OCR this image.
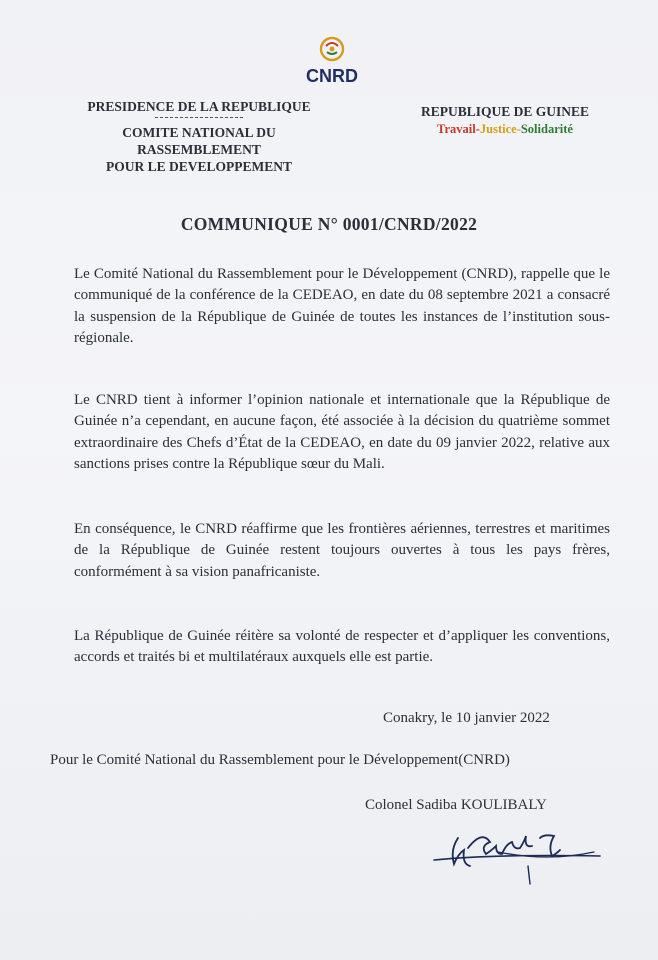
CNRD
PRESIDENCE DE LA REPUBLIQUE
COMITE NATIONAL DU
RASSEMBLEMENT
POUR LE DEVELOPPEMENT
REPUBLIQUE DE GUINEE
Travail-Justice-Solidarité
COMMUNIQUE N° 0001/CNRD/2022

Le Comité National du Rassemblement pour le Développement (CNRD), rappelle que le communiqué de la conférence de la CEDEAO, en date du 08 septembre 2021 a consacré la suspension de la République de Guinée de toutes les instances de l’institution sous-régionale.

Le CNRD tient à informer l’opinion nationale et internationale que la République de Guinée n’a cependant, en aucune façon, été associée à la décision du quatrième sommet extraordinaire des Chefs d’État de la CEDEAO, en date du 09 janvier 2022, relative aux sanctions prises contre la République sœur du Mali.

En conséquence, le CNRD réaffirme que les frontières aériennes, terrestres et maritimes de la République de Guinée restent toujours ouvertes à tous les pays frères, conformément à sa vision panafricaniste.

La République de Guinée réitère sa volonté de respecter et d’appliquer les conventions, accords et traités bi et multilatéraux auxquels elle est partie.

Conakry, le 10 janvier 2022
Pour le Comité National du Rassemblement pour le Développement(CNRD)
Colonel Sadiba KOULIBALY
